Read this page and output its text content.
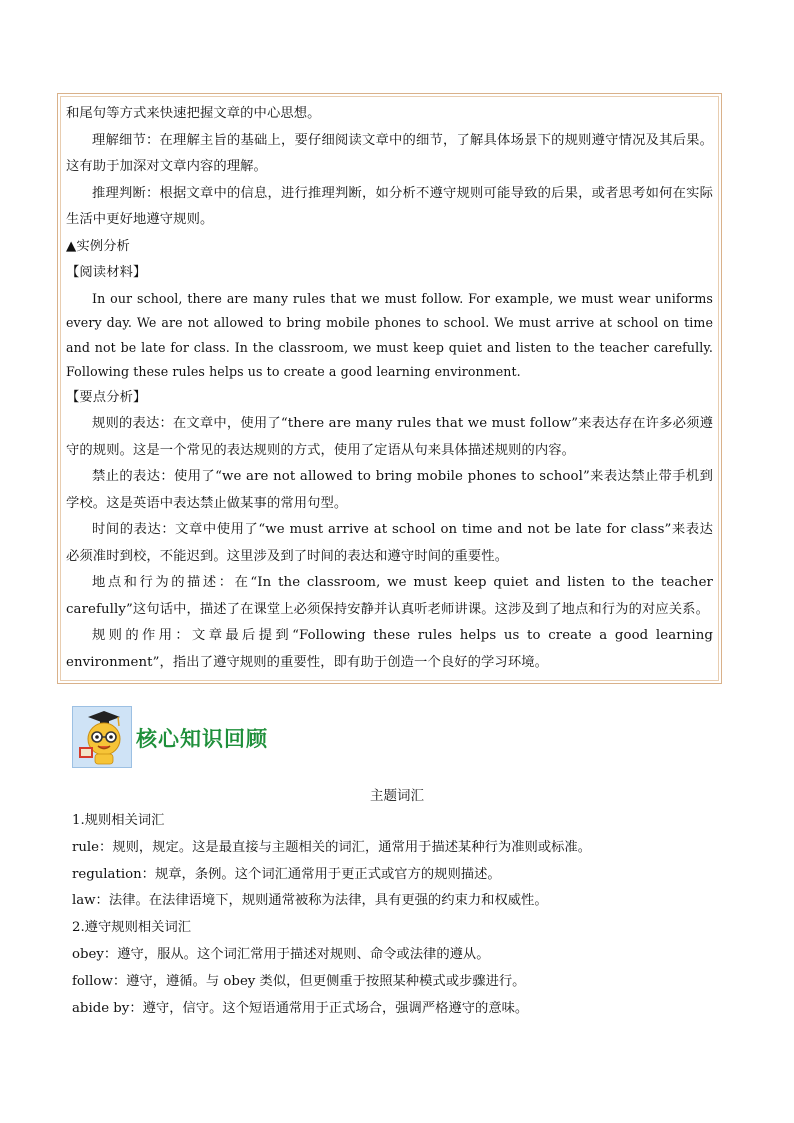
和尾句等方式来快速把握文章的中心思想。

理解细节：在理解主旨的基础上，要仔细阅读文章中的细节，了解具体场景下的规则遵守情况及其后果。这有助于加深对文章内容的理解。

推理判断：根据文章中的信息，进行推理判断，如分析不遵守规则可能导致的后果，或者思考如何在实际生活中更好地遵守规则。

▲实例分析

【阅读材料】

In our school, there are many rules that we must follow. For example, we must wear uniforms every day. We are not allowed to bring mobile phones to school. We must arrive at school on time and not be late for class. In the classroom, we must keep quiet and listen to the teacher carefully. Following these rules helps us to create a good learning environment.

【要点分析】

规则的表达：在文章中，使用了“there are many rules that we must follow”来表达存在许多必须遵守的规则。这是一个常见的表达规则的方式，使用了定语从句来具体描述规则的内容。

禁止的表达：使用了“we are not allowed to bring mobile phones to school”来表达禁止带手机到学校。这是英语中表达禁止做某事的常用句型。

时间的表达：文章中使用了“we must arrive at school on time and not be late for class”来表达必须准时到校，不能迟到。这里涉及到了时间的表达和遵守时间的重要性。

地点和行为的描述：在“In the classroom, we must keep quiet and listen to the teacher carefully”这句话中，描述了在课堂上必须保持安静并认真听老师讲课。这涉及到了地点和行为的对应关系。

规则的作用：文章最后提到“Following these rules helps us to create a good learning environment”，指出了遵守规则的重要性，即有助于创造一个良好的学习环境。

核心知识回顾
主题词汇

1.规则相关词汇

rule：规则，规定。这是最直接与主题相关的词汇，通常用于描述某种行为准则或标准。

regulation：规章，条例。这个词汇通常用于更正式或官方的规则描述。

law：法律。在法律语境下，规则通常被称为法律，具有更强的约束力和权威性。

2.遵守规则相关词汇

obey：遵守，服从。这个词汇常用于描述对规则、命令或法律的遵从。

follow：遵守，遵循。与 obey 类似，但更侧重于按照某种模式或步骤进行。

abide by：遵守，信守。这个短语通常用于正式场合，强调严格遵守的意味。
